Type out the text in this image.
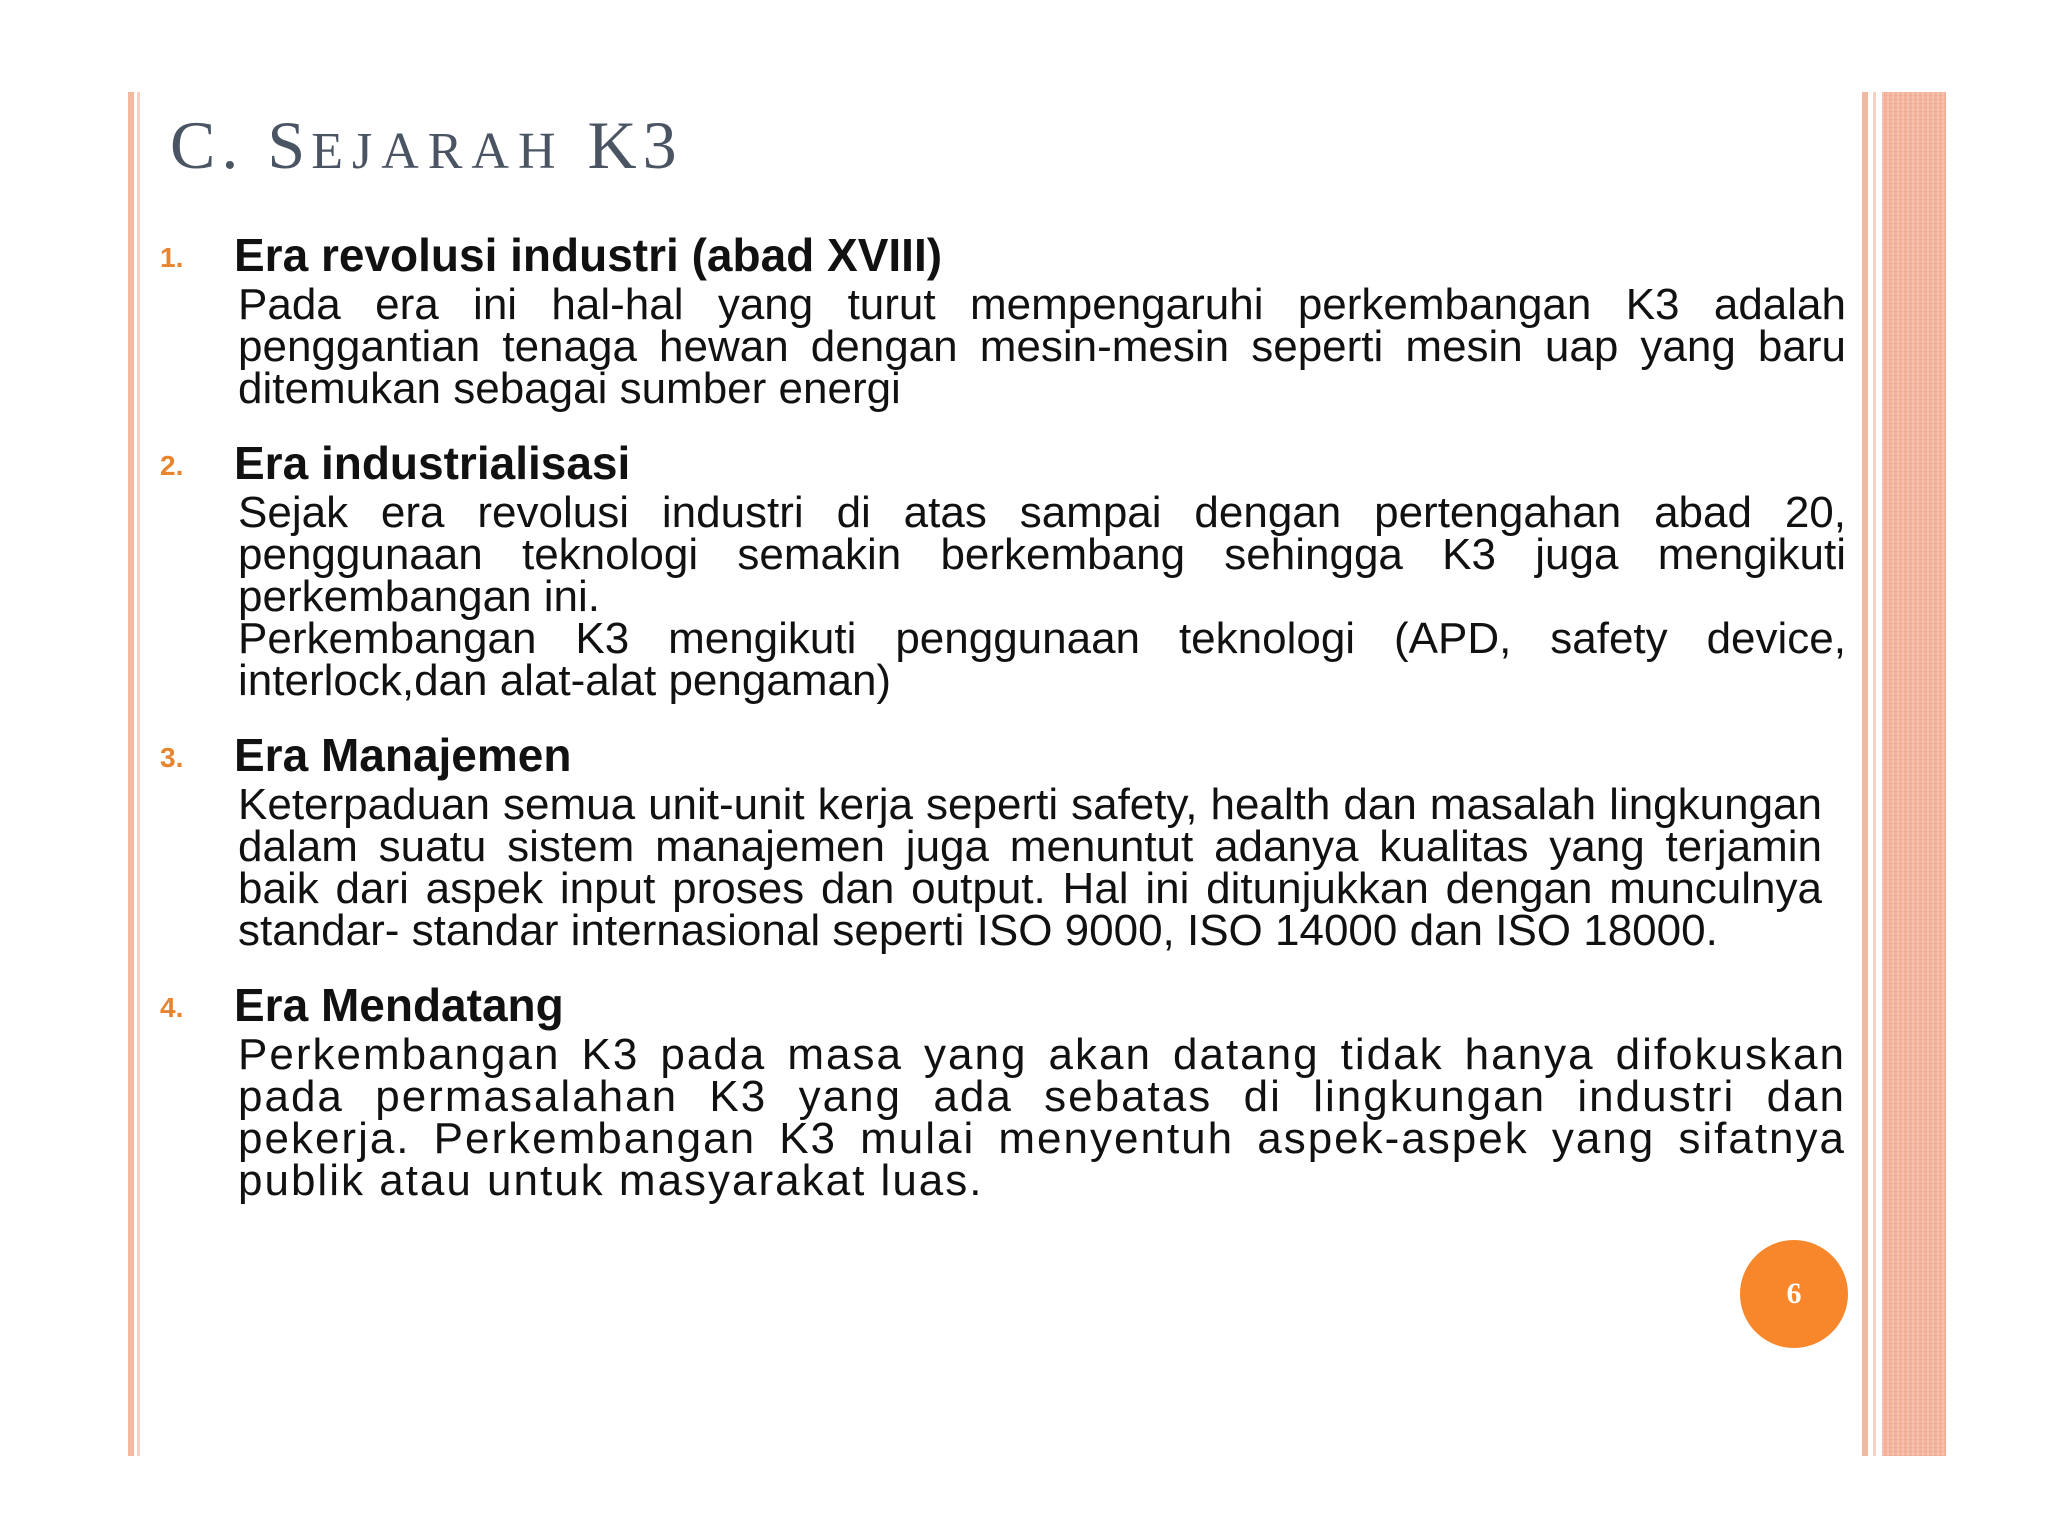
C. SEJARAH K3
1. Era revolusi industri (abad XVIII)

Pada era ini hal-hal yang turut mempengaruhi perkembangan K3 adalah penggantian tenaga hewan dengan mesin-mesin seperti mesin uap yang baru ditemukan sebagai sumber energi

2. Era industrialisasi

Sejak era revolusi industri di atas sampai dengan pertengahan abad 20, penggunaan teknologi semakin berkembang sehingga K3 juga mengikuti perkembangan ini.

Perkembangan K3 mengikuti penggunaan teknologi (APD, safety device, interlock,dan alat-alat pengaman)

3. Era Manajemen

Keterpaduan semua unit-unit kerja seperti safety, health dan masalah lingkungan dalam suatu sistem manajemen juga menuntut adanya kualitas yang terjamin baik dari aspek input proses dan output. Hal ini ditunjukkan dengan munculnya standar- standar internasional seperti ISO 9000, ISO 14000 dan ISO 18000.

4. Era Mendatang

Perkembangan K3 pada masa yang akan datang tidak hanya difokuskan pada permasalahan K3 yang ada sebatas di lingkungan industri dan pekerja. Perkembangan K3 mulai menyentuh aspek-aspek yang sifatnya publik atau untuk masyarakat luas.

6
